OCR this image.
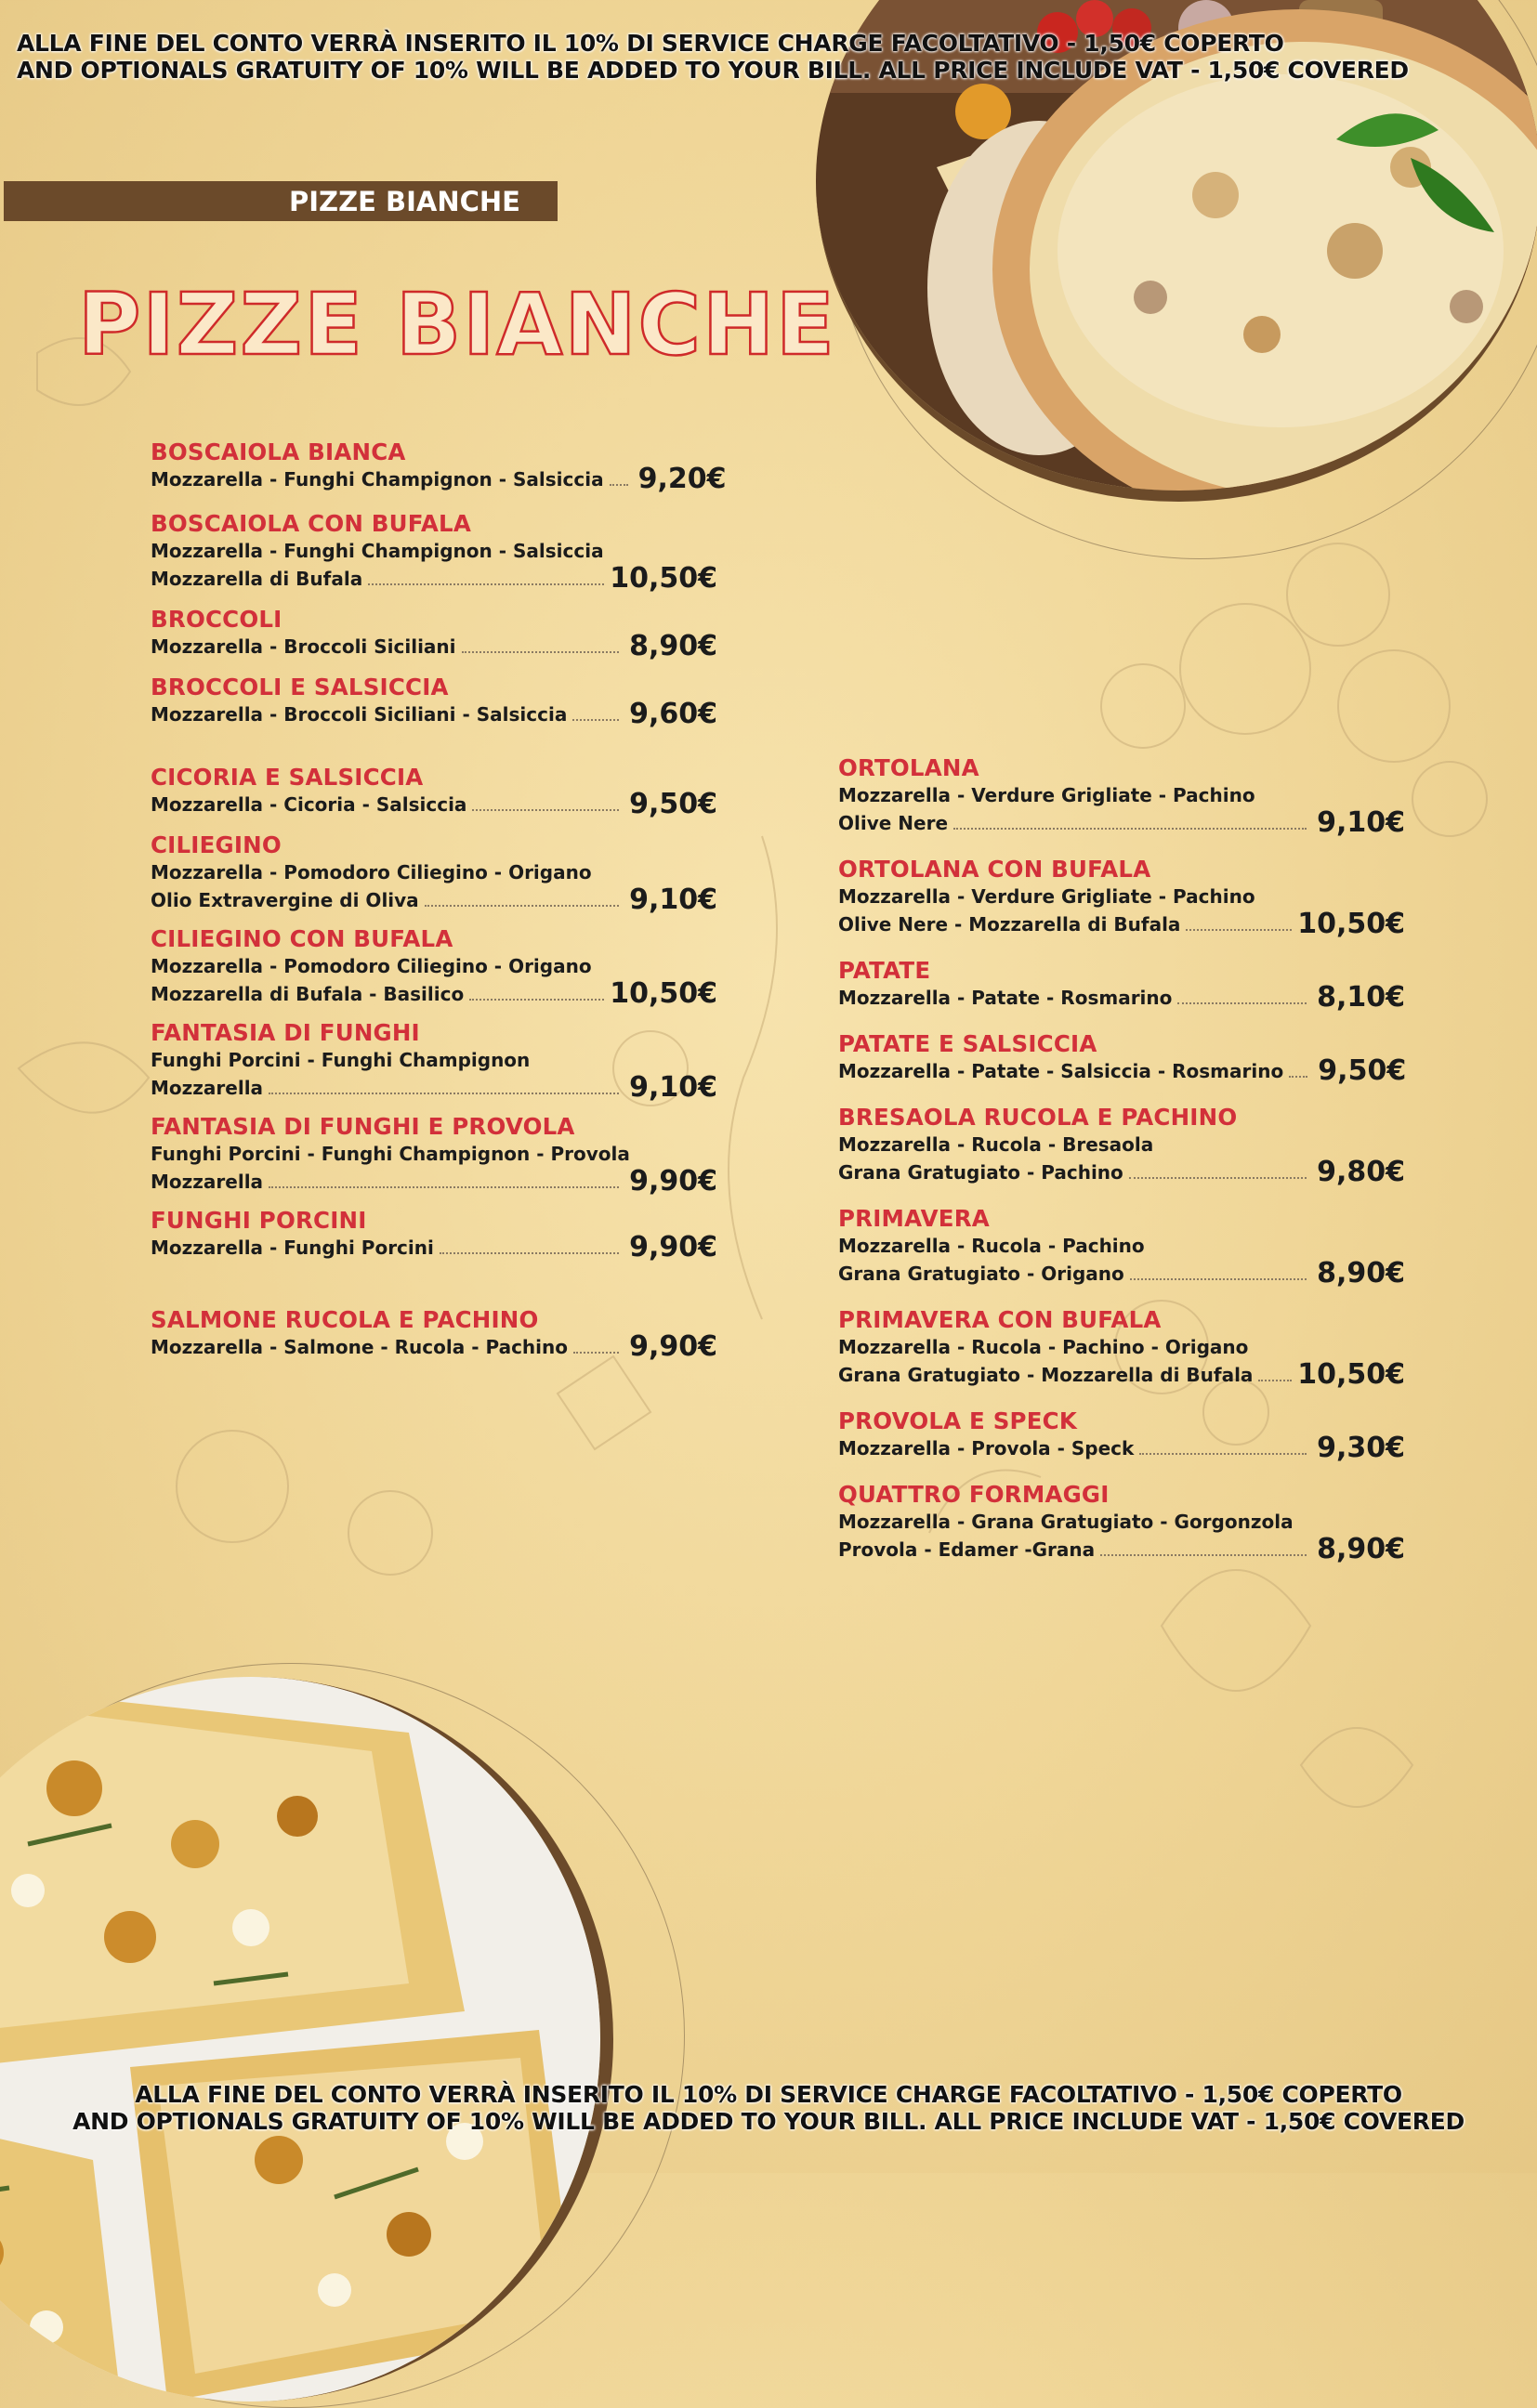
ALLA FINE DEL CONTO VERRÀ INSERITO IL 10% DI SERVICE CHARGE FACOLTATIVO - 1,50€ COPERTO
AND OPTIONALS GRATUITY OF 10% WILL BE ADDED TO YOUR BILL. ALL PRICE INCLUDE VAT - 1,50€ COVERED
PIZZE BIANCHE
PIZZE BIANCHE
BOSCAIOLA BIANCA
Mozzarella - Funghi Champignon - Salsiccia 9,20€
BOSCAIOLA CON BUFALA
Mozzarella - Funghi Champignon - Salsiccia
Mozzarella di Bufala	10,50€
BROCCOLI
Mozzarella - Broccoli Siciliani	8,90€
BROCCOLI E SALSICCIA
Mozzarella - Broccoli Siciliani - Salsiccia 9,60€
CICORIA E SALSICCIA
Mozzarella - Cicoria - Salsiccia	9,50€
CILIEGINO
Mozzarella - Pomodoro Ciliegino - Origano
Olio Extravergine di Oliva	9,10€
CILIEGINO CON BUFALA
Mozzarella - Pomodoro Ciliegino - Origano
Mozzarella di Bufala - Basilico	10,50€
FANTASIA DI FUNGHI
Funghi Porcini - Funghi Champignon
Mozzarella	9,10€
FANTASIA DI FUNGHI E PROVOLA
Funghi Porcini - Funghi Champignon - Provola
Mozzarella	9,90€
FUNGHI PORCINI
Mozzarella - Funghi Porcini	9,90€
SALMONE RUCOLA E PACHINO
Mozzarella - Salmone - Rucola - Pachino 9,90€
ORTOLANA
Mozzarella - Verdure Grigliate - Pachino
Olive Nere	9,10€
ORTOLANA CON BUFALA
Mozzarella - Verdure Grigliate - Pachino
Olive Nere - Mozzarella di Bufala	10,50€
PATATE
Mozzarella - Patate - Rosmarino	8,10€
PATATE E SALSICCIA
Mozzarella - Patate - Salsiccia - Rosmarino 9,50€
BRESAOLA RUCOLA E PACHINO
Mozzarella - Rucola - Bresaola
Grana Gratugiato - Pachino	9,80€
PRIMAVERA
Mozzarella - Rucola - Pachino
Grana Gratugiato - Origano	8,90€
PRIMAVERA CON BUFALA
Mozzarella - Rucola - Pachino - Origano
Grana Gratugiato - Mozzarella di Bufala 10,50€
PROVOLA E SPECK
Mozzarella - Provola - Speck	9,30€
QUATTRO FORMAGGI
Mozzarella - Grana Gratugiato - Gorgonzola
Provola - Edamer -Grana	8,90€
ALLA FINE DEL CONTO VERRÀ INSERITO IL 10% DI SERVICE CHARGE FACOLTATIVO - 1,50€ COPERTO
AND OPTIONALS GRATUITY OF 10% WILL BE ADDED TO YOUR BILL. ALL PRICE INCLUDE VAT - 1,50€ COVERED
